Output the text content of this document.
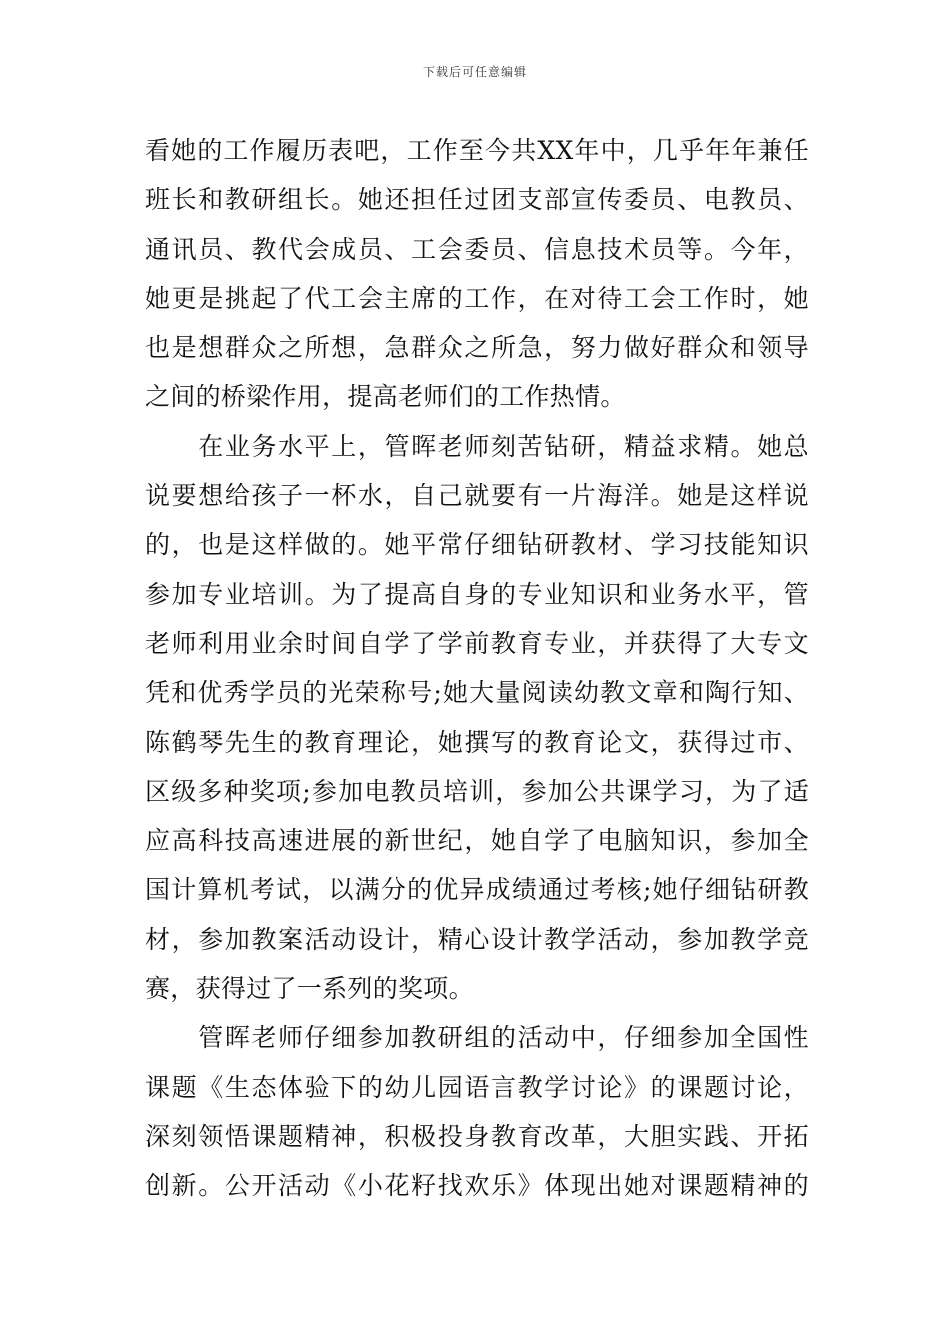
下载后可任意编辑
看她的工作履历表吧，工作至今共XX年中，几乎年年兼任
班长和教研组长。她还担任过团支部宣传委员、电教员、
通讯员、教代会成员、工会委员、信息技术员等。今年，
她更是挑起了代工会主席的工作，在对待工会工作时，她
也是想群众之所想，急群众之所急，努力做好群众和领导
之间的桥梁作用，提高老师们的工作热情。
　　在业务水平上，管晖老师刻苦钻研，精益求精。她总
说要想给孩子一杯水，自己就要有一片海洋。她是这样说
的，也是这样做的。她平常仔细钻研教材、学习技能知识
参加专业培训。为了提高自身的专业知识和业务水平，管
老师利用业余时间自学了学前教育专业，并获得了大专文
凭和优秀学员的光荣称号;她大量阅读幼教文章和陶行知、
陈鹤琴先生的教育理论，她撰写的教育论文，获得过市、
区级多种奖项;参加电教员培训，参加公共课学习，为了适
应高科技高速进展的新世纪，她自学了电脑知识，参加全
国计算机考试，以满分的优异成绩通过考核;她仔细钻研教
材，参加教案活动设计，精心设计教学活动，参加教学竞
赛，获得过了一系列的奖项。
　　管晖老师仔细参加教研组的活动中，仔细参加全国性
课题《生态体验下的幼儿园语言教学讨论》的课题讨论，
深刻领悟课题精神，积极投身教育改革，大胆实践、开拓
创新。公开活动《小花籽找欢乐》体现出她对课题精神的
